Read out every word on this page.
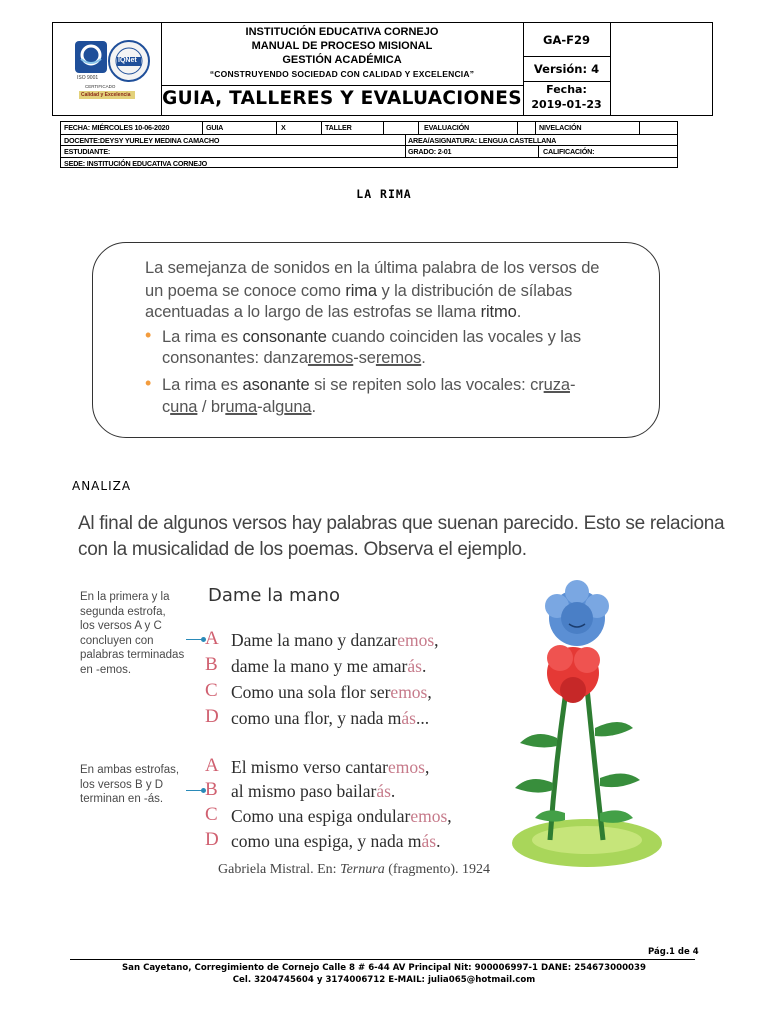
ISO 9001
IQNet
CERTIFICADO
Calidad y Excelencia
INSTITUCIÓN EDUCATIVA CORNEJO
MANUAL DE PROCESO MISIONAL
GESTIÓN ACADÉMICA
“CONSTRUYENDO SOCIEDAD CON CALIDAD Y EXCELENCIA”
GUIA, TALLERES Y EVALUACIONES
GA-F29
Versión: 4
Fecha:
2019-01-23
FECHA: MIÉRCOLES 10-06-2020	GUIA	X	TALLER	EVALUACIÓN	NIVELACIÓN
DOCENTE:DEYSY YURLEY MEDINA CAMACHO	AREA/ASIGNATURA: LENGUA CASTELLANA
ESTUDIANTE:	GRADO: 2-01	CALIFICACIÓN:
SEDE: INSTITUCIÓN EDUCATIVA CORNEJO
LA RIMA
La semejanza de sonidos en la última palabra de los versos de
un poema se conoce como rima y la distribución de sílabas
acentuadas a lo largo de las estrofas se llama ritmo.
• La rima es consonante cuando coinciden las vocales y las
consonantes: danzaremos-seremos.
• La rima es asonante si se repiten solo las vocales: cruza-
cuna / bruma-alguna.
ANALIZA
Al final de algunos versos hay palabras que suenan parecido. Esto se relaciona
con la musicalidad de los poemas. Observa el ejemplo.
En la primera y la
segunda estrofa,
los versos A y C
concluyen con
palabras terminadas
en -emos.
En ambas estrofas,
los versos B y D
terminan en -ás.
Dame la mano
A Dame la mano y danzaremos,
B dame la mano y me amarás.
C Como una sola flor seremos,
D como una flor, y nada más...
A El mismo verso cantaremos,
B al mismo paso bailarás.
C Como una espiga ondularemos,
D como una espiga, y nada más.
Gabriela Mistral. En: Ternura (fragmento). 1924
Pág.1 de 4
San Cayetano, Corregimiento de Cornejo Calle 8 # 6-44 AV Principal Nit: 900006997-1 DANE: 254673000039
Cel. 3204745604 y 3174006712 E-MAIL: julia065@hotmail.com
